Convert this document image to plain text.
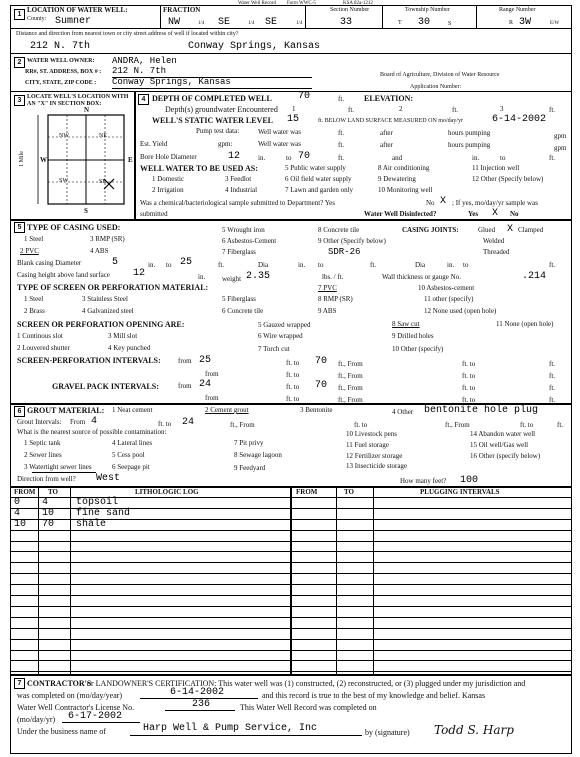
Water Well Record Form WWC-5	KSA 82a-1212
1
LOCATION OF WATER WELL:
County: Sumner
FRACTION
NW	1/4 SE	1/4 SE	1/4
Section Number
33
Township Number
T 30	S
Range Number
R 3W	E/W
Distance and direction from nearest town or city street address of well if located within city?
212 N. 7th	Conway Springs, Kansas
2 WATER WELL OWNER: ANDRA, Helen
RR#, ST. ADDRESS, BOX # : 212 N. 7th
CITY, STATE, ZIP CODE : Conway Springs, Kansas
Board of Agriculture, Division of Water Resource
Application Number:
3 LOCATE WELL'S LOCATION WITH
AN "X" IN SECTION BOX:
N
S
W	E
NW	NE
SW	SE
1 Mile
4 DEPTH OF COMPLETED WELL	70	ft. ELEVATION:
Depth(s) groundwater Encountered 1	ft.	2	ft.	3	ft.
WELL'S STATIC WATER LEVEL 15	ft. BELOW LAND SURFACE MEASURED ON mo/day/yr	6-14-2002
Pump test data:	Well water was	ft.	after	hours pumping	gpm
Est. Yield	gpm:	Well water was	ft.	after	hours pumping	gpm
Bore Hole Diameter	12	in.	to 70	ft.	and	in.	to	ft.
WELL WATER TO BE USED AS:
1 Domestic
2 Irrigation
3 Feedlot
4 Industrial
5 Public water supply
6 Oil field water supply
7 Lawn and garden only
8 Air conditioning
9 Dewatering
10 Monitoring well
11 Injection well
12 Other (Specify below)
Was a chemical/bacteriological sample submitted to Department? Yes	No X ; If yes, mo/day/yr sample was
submitted	Water Well Disinfected?	Yes X No
5 TYPE OF CASING USED:
1 Steel
2 PVC
3 RMP (SR)
4 ABS
5 Wrought iron
6 Asbestos-Cement
7 Fiberglass
8 Concrete tile
9 Other (Specify below)
SDR-26
CASING JOINTS:	Glued X Clamped
Welded
Threaded
Blank casing Diameter	5	in. to 25	ft.	Dia	in. to	ft.	Dia	in. to	ft.
Casing height above land surface 12	in. weight 2.35	lbs. / ft.	Wall thickness or gauge No.	.214
TYPE OF SCREEN OR PERFORATION MATERIAL:
1 Steel
2 Brass
3 Stainless Steel
4 Galvanized steel
5 Fiberglass
6 Concrete tile
7 PVC
8 RMP (SR)
9 ABS
10 Asbestos-cement
11 other (specify)
12 None used (open hole)
SCREEN OR PERFORATION OPENING ARE:
1 Continous slot
2 Louvered shutter
3 Mill slot
4 Key punched
5 Gauzed wrapped
6 Wire wrapped
7 Torch cut
8 Saw cut
9 Drilled holes
10 Other (specify)
11 None (open hole)
SCREEN-PERFORATION INTERVALS: from 25	ft. to 70 ft., From	ft. to	ft.
from	ft. to	ft., From	ft. to	ft.
GRAVEL PACK INTERVALS:	from 24	ft. to 70 ft., From	ft. to	ft.
from	ft. to	ft., From	ft. to	ft.
6 GROUT MATERIAL: 1 Neat cement	2 Cement grout	3 Bentonite	4 Other bentonite hole plug
Grout Intervals: From 4	ft. to 24	ft., From	ft. to	ft., From	ft. to	ft.
What is the nearest source of possible contamination:
1 Septic tank
2 Sewer lines
3 Watertight sewer lines
4 Lateral lines
5 Cess pool
6 Seepage pit
7 Pit privy
8 Sewage lagoon
9 Feedyard
10 Livestock pens
11 Fuel storage
12 Fertilizer storage
13 Insecticide storage
14 Abandon water well
15 Oil well/Gas well
16 Other (specify below)
Direction from well? West	How many feet? 100
FROM TO	LITHOLOGIC LOG	FROM	TO	PLUGGING INTERVALS
0 4	topsoil
4 10 fine sand
10 70 shale
7 CONTRACTOR'S
or LANDOWNER'S CERTIFICATION: This water well was (1) constructed, (2) reconstructed, or (3) plugged under my jurisdiction and
was completed on (mo/day/year)	6-14-2002	and this record is true to the best of my knowledge and belief. Kansas
Water Well Contractor's License No.	236	This Water Well Record was completed on
(mo/day/yr) 6-17-2002
Under the business name of	Harp Well & Pump Service, Inc	by (signature) Todd S. Harp
